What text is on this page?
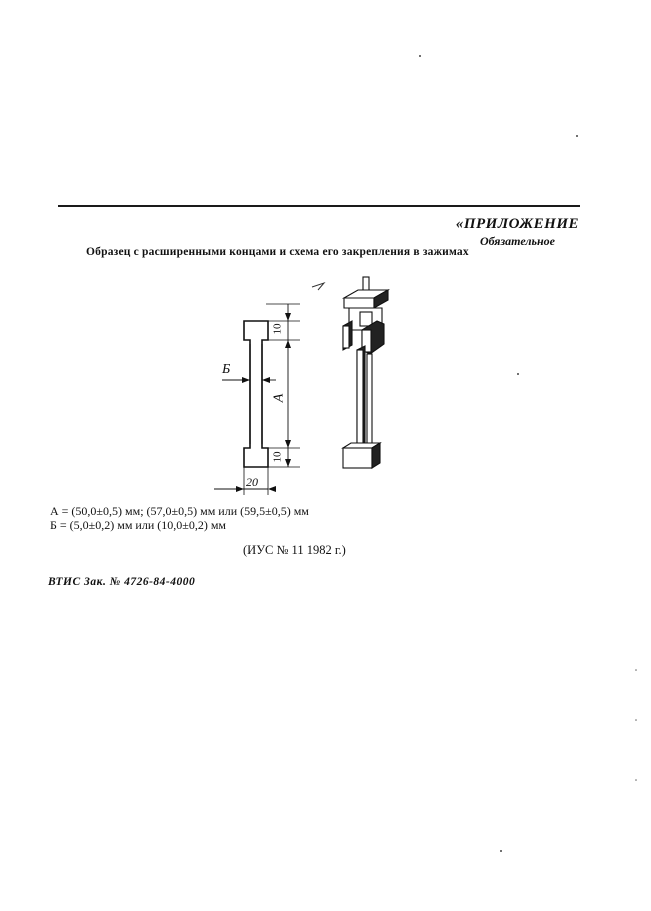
«ПРИЛОЖЕНИЕ
Обязательное
Образец с расширенными концами и схема его закрепления в зажимах
Б
А
10
10
20
А = (50,0±0,5) мм; (57,0±0,5) мм или (59,5±0,5) мм
Б = (5,0±0,2) мм или (10,0±0,2) мм
(ИУС № 11 1982 г.)
ВТИС Зак. № 4726-84-4000
